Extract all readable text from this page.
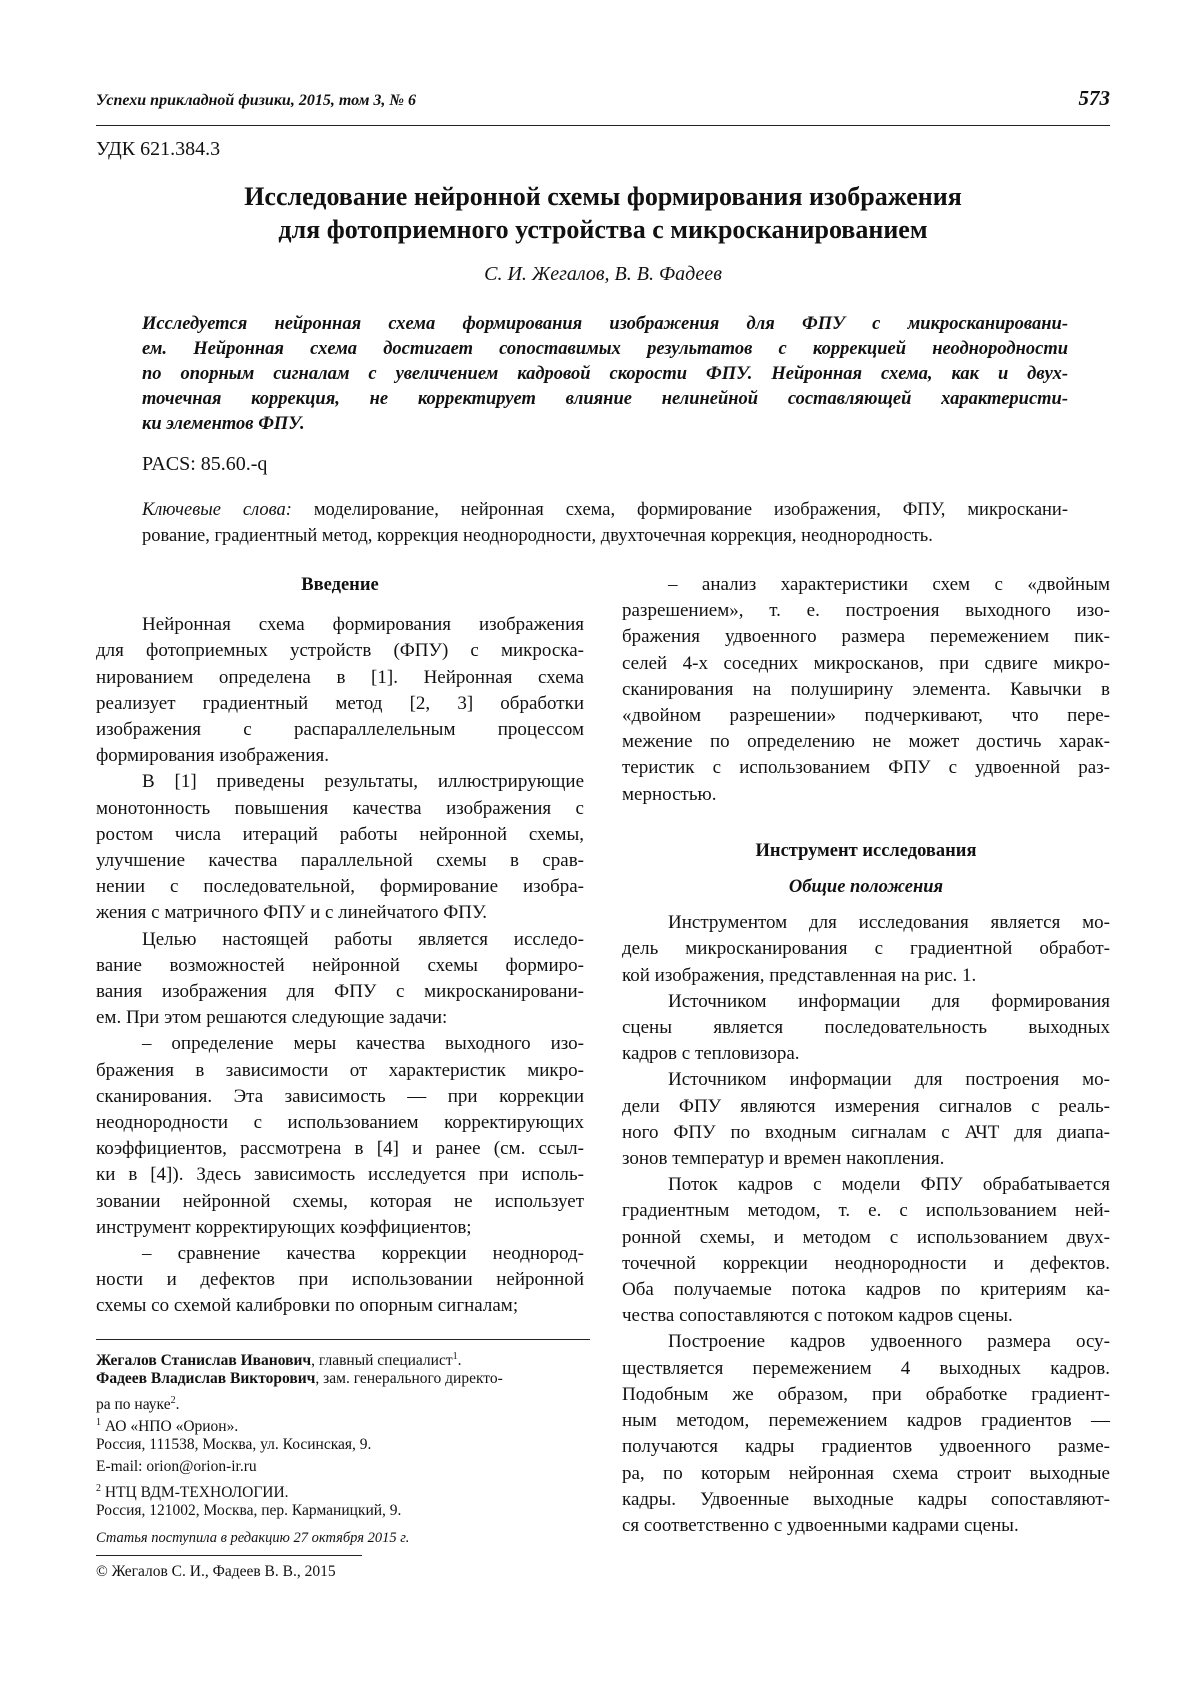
Успехи прикладной физики, 2015, том 3, № 6	573
УДК 621.384.3
Исследование нейронной схемы формирования изображения
для фотоприемного устройства с микросканированием
С. И. Жегалов, В. В. Фадеев
Исследуется нейронная схема формирования изображения для ФПУ с микросканировани-
ем. Нейронная схема достигает сопоставимых результатов с коррекцией неоднородности
по опорным сигналам с увеличением кадровой скорости ФПУ. Нейронная схема, как и двух-
точечная коррекция, не корректирует влияние нелинейной составляющей характеристи-
ки элементов ФПУ.
PACS: 85.60.-q
Ключевые слова: моделирование, нейронная схема, формирование изображения, ФПУ, микроскани-
рование, градиентный метод, коррекция неоднородности, двухточечная коррекция, неоднородность.
Введение
Нейронная схема формирования изображения
для фотоприемных устройств (ФПУ) с микроска-
нированием определена в [1]. Нейронная схема
реализует градиентный метод [2, 3] обработки
изображения с распараллелельным процессом
формирования изображения.
В [1] приведены результаты, иллюстрирующие
монотонность повышения качества изображения с
ростом числа итераций работы нейронной схемы,
улучшение качества параллельной схемы в срав-
нении с последовательной, формирование изобра-
жения с матричного ФПУ и с линейчатого ФПУ.
Целью настоящей работы является исследо-
вание возможностей нейронной схемы формиро-
вания изображения для ФПУ с микросканировани-
ем. При этом решаются следующие задачи:
– определение меры качества выходного изо-
бражения в зависимости от характеристик микро-
сканирования. Эта зависимость — при коррекции
неоднородности с использованием корректирующих
коэффициентов, рассмотрена в [4] и ранее (см. ссыл-
ки в [4]). Здесь зависимость исследуется при исполь-
зовании нейронной схемы, которая не использует
инструмент корректирующих коэффициентов;
– сравнение качества коррекции неоднород-
ности и дефектов при использовании нейронной
схемы со схемой калибровки по опорным сигналам;
– анализ характеристики схем с «двойным
разрешением», т. е. построения выходного изо-
бражения удвоенного размера перемежением пик-
селей 4-х соседних микросканов, при сдвиге микро-
сканирования на полуширину элемента. Кавычки в
«двойном разрешении» подчеркивают, что пере-
межение по определению не может достичь харак-
теристик с использованием ФПУ с удвоенной раз-
мерностью.
Инструмент исследования
Общие положения
Инструментом для исследования является мо-
дель микросканирования с градиентной обработ-
кой изображения, представленная на рис. 1.
Источником информации для формирования
сцены является последовательность выходных
кадров с тепловизора.
Источником информации для построения мо-
дели ФПУ являются измерения сигналов с реаль-
ного ФПУ по входным сигналам с АЧТ для диапа-
зонов температур и времен накопления.
Поток кадров с модели ФПУ обрабатывается
градиентным методом, т. е. с использованием ней-
ронной схемы, и методом с использованием двух-
точечной коррекции неоднородности и дефектов.
Оба получаемые потока кадров по критериям ка-
чества сопоставляются с потоком кадров сцены.
Построение кадров удвоенного размера осу-
ществляется перемежением 4 выходных кадров.
Подобным же образом, при обработке градиент-
ным методом, перемежением кадров градиентов —
получаются кадры градиентов удвоенного разме-
ра, по которым нейронная схема строит выходные
кадры. Удвоенные выходные кадры сопоставляют-
ся соответственно с удвоенными кадрами сцены.
Жегалов Станислав Иванович, главный специалист$^1$.
Фадеев Владислав Викторович, зам. генерального директо-
ра по науке$^2$.
$^1$ АО «НПО «Орион».
Россия, 111538, Москва, ул. Косинская, 9.
E-mail: orion@orion-ir.ru
$^2$ НТЦ ВДМ-ТЕХНОЛОГИИ.
Россия, 121002, Москва, пер. Карманицкий, 9.
Статья поступила в редакцию 27 октября 2015 г.
© Жегалов С. И., Фадеев В. В., 2015
